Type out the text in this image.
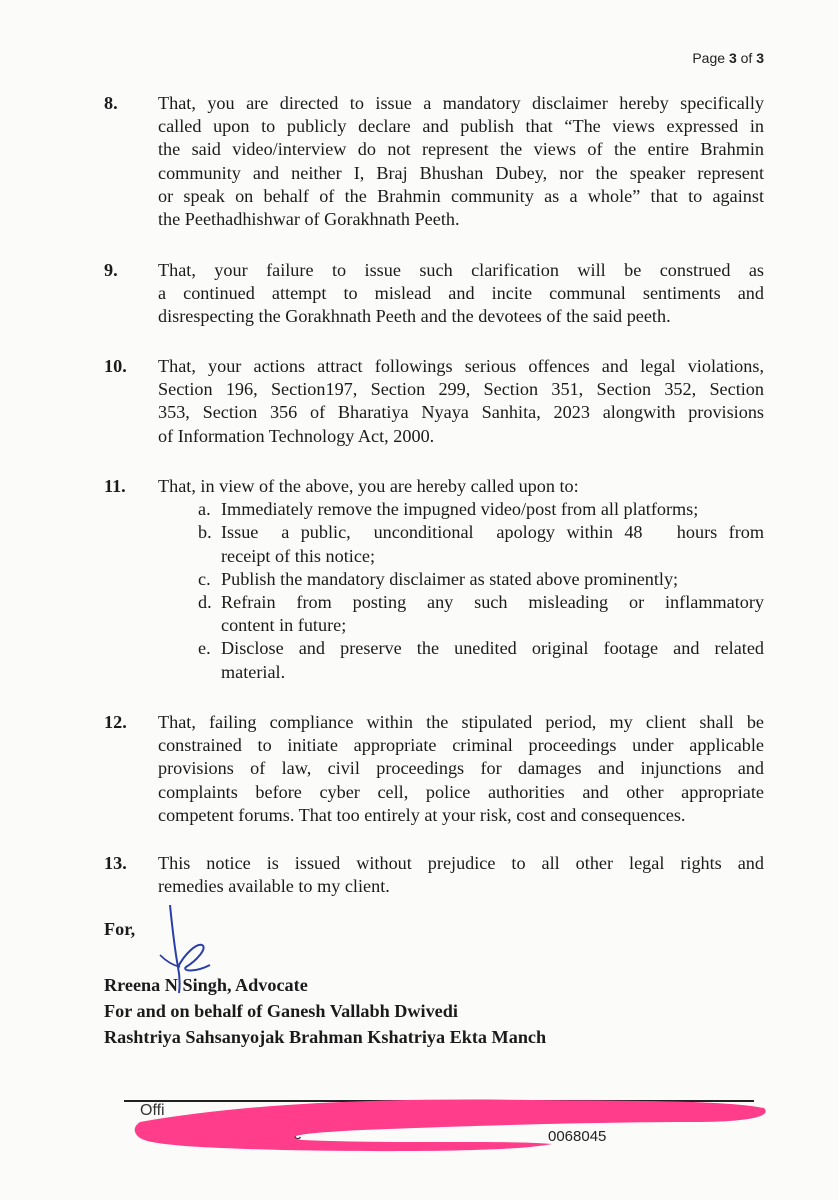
Page 3 of 3
8. That, you are directed to issue a mandatory disclaimer hereby specifically
called upon to publicly declare and publish that “The views expressed in
the said video/interview do not represent the views of the entire Brahmin
community and neither I, Braj Bhushan Dubey, nor the speaker represent
or speak on behalf of the Brahmin community as a whole” that to against
the Peethadhishwar of Gorakhnath Peeth.
9. That, your failure to issue such clarification will be construed as
a continued attempt to mislead and incite communal sentiments and
disrespecting the Gorakhnath Peeth and the devotees of the said peeth.
10. That, your actions attract followings serious offences and legal violations,
Section 196, Section197, Section 299, Section 351, Section 352, Section
353, Section 356 of Bharatiya Nyaya Sanhita, 2023 alongwith provisions
of Information Technology Act, 2000.
11. That, in view of the above, you are hereby called upon to:
a. Immediately remove the impugned video/post from all platforms;
b. Issue  a public,  unconditional  apology within 48   hours from
receipt of this notice;
c. Publish the mandatory disclaimer as stated above prominently;
d. Refrain from posting any such misleading or inflammatory
content in future;
e. Disclose and preserve the unedited original footage and related
material.
12. That, failing compliance within the stipulated period, my client shall be
constrained to initiate appropriate criminal proceedings under applicable
provisions of law, civil proceedings for damages and injunctions and
complaints before cyber cell, police authorities and other appropriate
competent forums. That too entirely at your risk, cost and consequences.
13. This notice is issued without prejudice to all other legal rights and
remedies available to my client.
For,
Rreena N Singh, Advocate
For and on behalf of Ganesh Vallabh Dwivedi
Rashtriya Sahsanyojak Brahman Kshatriya Ekta Manch
Offi
0068045
